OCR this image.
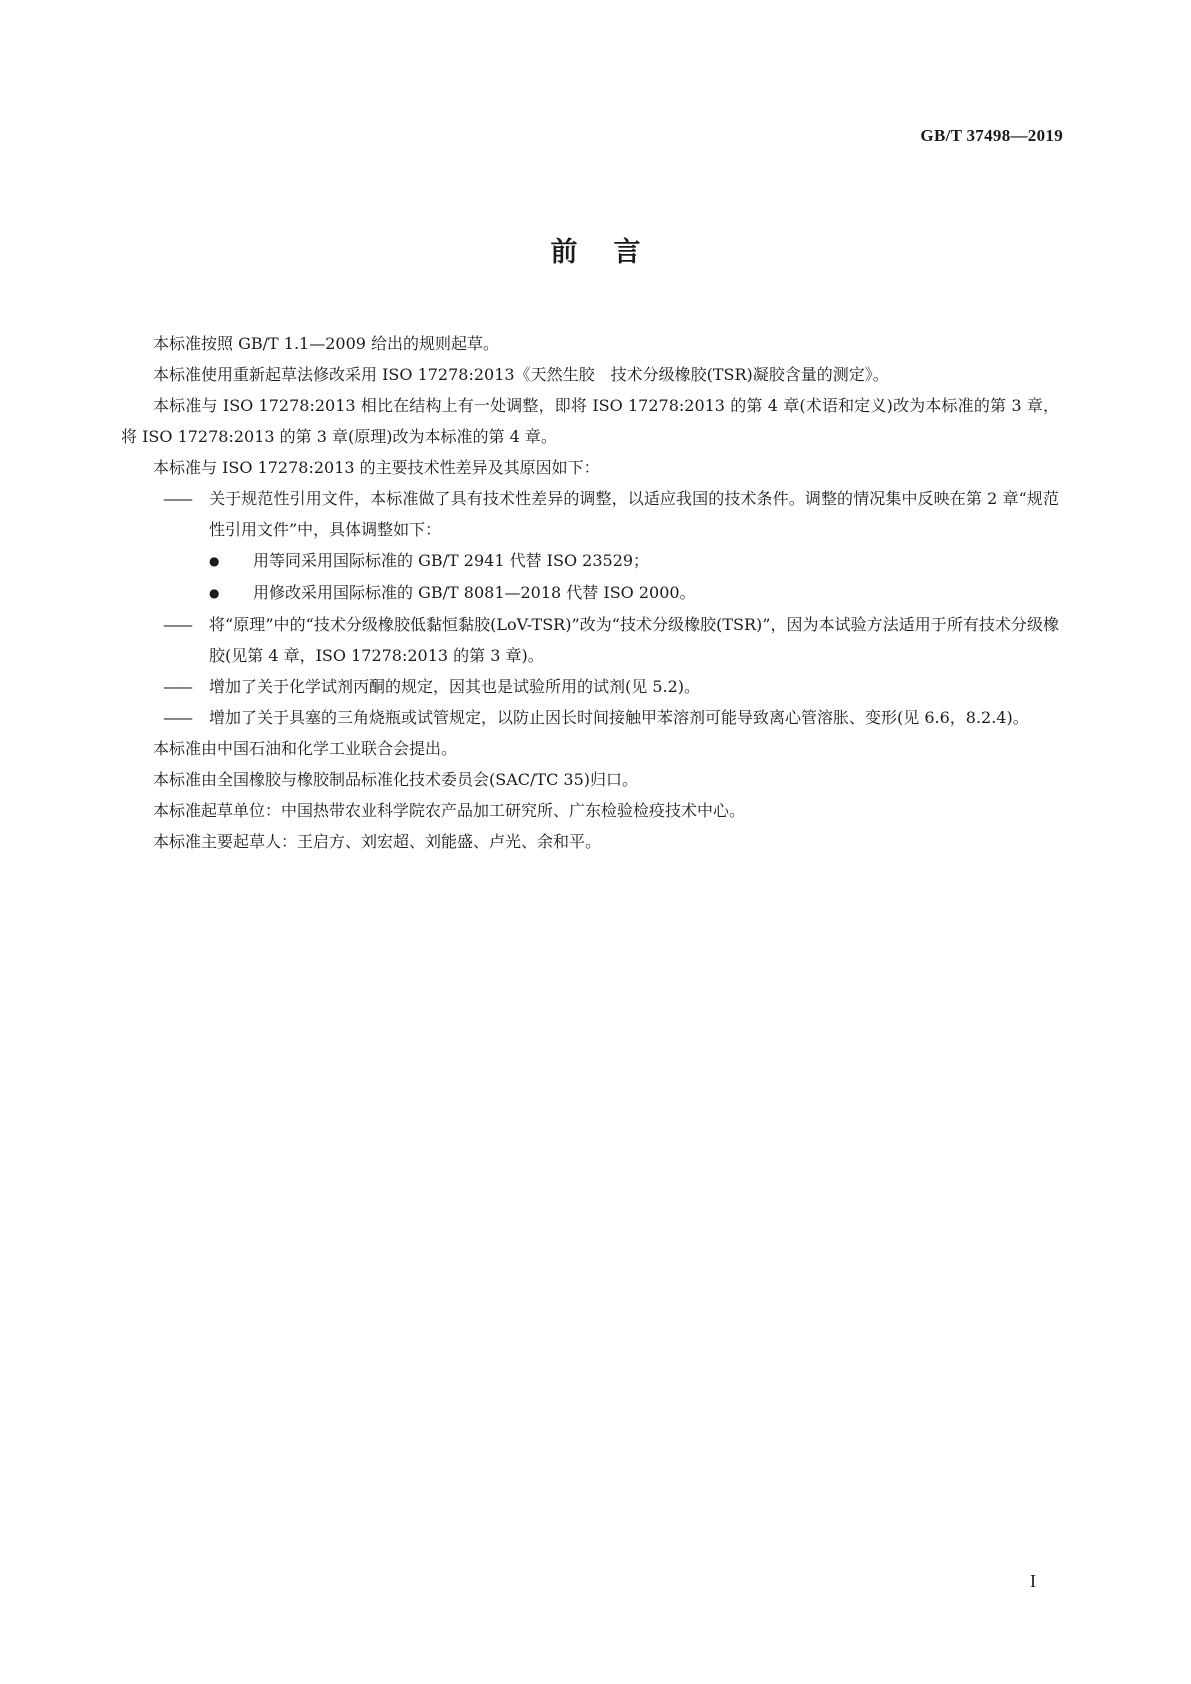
GB/T 37498—2019
前言

本标准按照 GB/T 1.1—2009 给出的规则起草。

本标准使用重新起草法修改采用 ISO 17278:2013《天然生胶　技术分级橡胶(TSR)凝胶含量的测定》。

本标准与 ISO 17278:2013 相比在结构上有一处调整，即将 ISO 17278:2013 的第 4 章(术语和定义)改为本标准的第 3 章，将 ISO 17278:2013 的第 3 章(原理)改为本标准的第 4 章。

本标准与 ISO 17278:2013 的主要技术性差异及其原因如下：

—— 关于规范性引用文件，本标准做了具有技术性差异的调整，以适应我国的技术条件。调整的情况集中反映在第 2 章“规范性引用文件”中，具体调整如下：

● 用等同采用国际标准的 GB/T 2941 代替 ISO 23529；

● 用修改采用国际标准的 GB/T 8081—2018 代替 ISO 2000。

—— 将“原理”中的“技术分级橡胶低黏恒黏胶(LoV-TSR)”改为“技术分级橡胶(TSR)”，因为本试验方法适用于所有技术分级橡胶(见第 4 章，ISO 17278:2013 的第 3 章)。

—— 增加了关于化学试剂丙酮的规定，因其也是试验所用的试剂(见 5.2)。

—— 增加了关于具塞的三角烧瓶或试管规定，以防止因长时间接触甲苯溶剂可能导致离心管溶胀、变形(见 6.6，8.2.4)。

本标准由中国石油和化学工业联合会提出。

本标准由全国橡胶与橡胶制品标准化技术委员会(SAC/TC 35)归口。

本标准起草单位：中国热带农业科学院农产品加工研究所、广东检验检疫技术中心。

本标准主要起草人：王启方、刘宏超、刘能盛、卢光、余和平。

I
